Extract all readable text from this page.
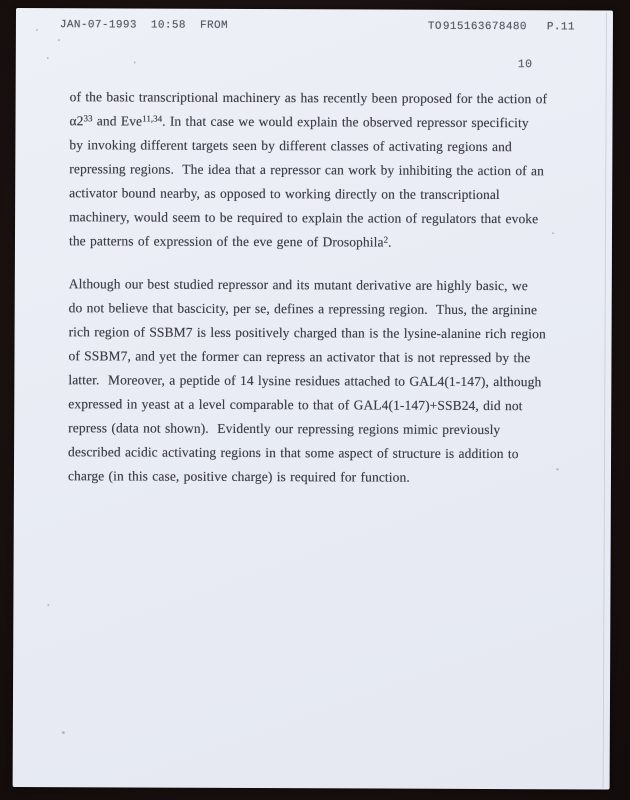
JAN-07-1993  10:58  FROM	TO 915163678480 P.11
10
of the basic transcriptional machinery as has recently been proposed for the action of
$\alpha 2^{33}$ and Eve$^{11,34}$. In that case we would explain the observed repressor specificity
by invoking different targets seen by different classes of activating regions and
repressing regions.  The idea that a repressor can work by inhibiting the action of an
activator bound nearby, as opposed to working directly on the transcriptional
machinery, would seem to be required to explain the action of regulators that evoke
the patterns of expression of the eve gene of Drosophila$^2$.
Although our best studied repressor and its mutant derivative are highly basic, we
do not believe that bascicity, per se, defines a repressing region.  Thus, the arginine
rich region of SSBM7 is less positively charged than is the lysine-alanine rich region
of SSBM7, and yet the former can repress an activator that is not repressed by the
latter.  Moreover, a peptide of 14 lysine residues attached to GAL4(1-147), although
expressed in yeast at a level comparable to that of GAL4(1-147)+SSB24, did not
repress (data not shown).  Evidently our repressing regions mimic previously
described acidic activating regions in that some aspect of structure is addition to
charge (in this case, positive charge) is required for function.
